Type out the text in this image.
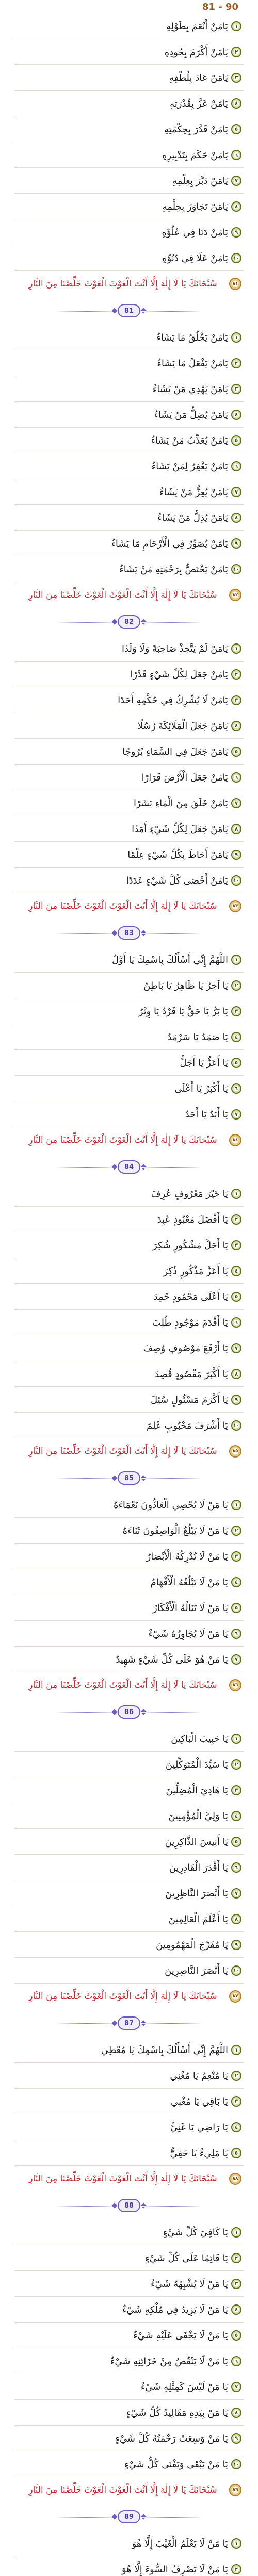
81 - 90
١
يَامَنْ أَنْعَمَ بِطَوْلِهِ
٢
يَامَنْ أَكْرَمَ بِجُودِهِ
٣
يَامَنْ عَادَ بِلُطْفِهِ
٤
يَامَنْ عَزَّ بِقُدْرَتِهِ
٥
يَامَنْ قَدَّرَ بِحِكْمَتِهِ
٦
يَامَنْ حَكَمَ بِتَدْبِيرِهِ
٧
يَامَنْ دَبَّرَ بِعِلْمِهِ
٨
يَامَنْ تَجَاوَزَ بِحِلْمِهِ
٩
يَامَنْ دَنَا فِي عُلُوِّهِ
١٠
يَامَنْ عَلَا فِي دُنُوِّهِ
٨١
سُبْحَانَكَ يَا لَا إِلٰهَ إِلَّا أَنْتَ الْغَوْثَ الْغَوْثَ خَلِّصْنَا مِنَ النَّارِ
81
١
يَامَنْ يَخْلُقُ مَا يَشَاءُ
٢
يَامَنْ يَفْعَلُ مَا يَشَاءُ
٣
يَامَنْ يَهْدِي مَنْ يَشَاءُ
٤
يَامَنْ يُضِلُّ مَنْ يَشَاءُ
٥
يَامَنْ يُعَذِّبُ مَنْ يَشَاءُ
٦
يَامَنْ يَغْفِرُ لِمَنْ يَشَاءُ
٧
يَامَنْ يُعِزُّ مَنْ يَشَاءُ
٨
يَامَنْ يُذِلُّ مَنْ يَشَاءُ
٩
يَامَنْ يُصَوِّرُ فِي الْأَرْحَامِ مَا يَشَاءُ
١٠
يَامَنْ يَخْتَصُّ بِرَحْمَتِهِ مَنْ يَشَاءُ
٨٢
سُبْحَانَكَ يَا لَا إِلٰهَ إِلَّا أَنْتَ الْغَوْثَ الْغَوْثَ خَلِّصْنَا مِنَ النَّارِ
82
١
يَامَنْ لَمْ يَتَّخِذْ صَاحِبَةً وَلَا وَلَدًا
٢
يَامَنْ جَعَلَ لِكُلِّ شَيْءٍ قَدْرًا
٣
يَامَنْ لَا يُشْرِكُ فِي حُكْمِهِ أَحَدًا
٤
يَامَنْ جَعَلَ الْمَلَائِكَةَ رُسُلًا
٥
يَامَنْ جَعَلَ فِي السَّمَاءِ بُرُوجًا
٦
يَامَنْ جَعَلَ الْأَرْضَ قَرَارًا
٧
يَامَنْ خَلَقَ مِنَ الْمَاءِ بَشَرًا
٨
يَامَنْ جَعَلَ لِكُلِّ شَيْءٍ أَمَدًا
٩
يَامَنْ أَحَاطَ بِكُلِّ شَيْءٍ عِلْمًا
١٠
يَامَنْ أَحْصَى كُلَّ شَيْءٍ عَدَدًا
٨٣
سُبْحَانَكَ يَا لَا إِلٰهَ إِلَّا أَنْتَ الْغَوْثَ الْغَوْثَ خَلِّصْنَا مِنَ النَّارِ
83
١
اللَّهُمَّ إِنِّي أَسْأَلُكَ بِاسْمِكَ يَا أَوَّلُ
٢
يَا آخِرُ يَا ظَاهِرُ يَا بَاطِنُ
٣
يَا بَرُّ يَا حَقُّ يَا فَرْدُ يَا وِتْرُ
٤
يَا صَمَدُ يَا سَرْمَدُ
٥
يَا أَعَزُّ يَا أَجَلُّ
٦
يَا أَكْبَرُ يَا أَعْلَى
٧
يَا أَبَدُ يَا أَحَدُ
٨٤
سُبْحَانَكَ يَا لَا إِلٰهَ إِلَّا أَنْتَ الْغَوْثَ الْغَوْثَ خَلِّصْنَا مِنَ النَّارِ
84
١
يَا خَيْرَ مَعْرُوفٍ عُرِفَ
٢
يَا أَفْضَلَ مَعْبُودٍ عُبِدَ
٣
يَا أَجَلَّ مَشْكُورٍ شُكِرَ
٤
يَا أَعَزَّ مَذْكُورٍ ذُكِرَ
٥
يَا أَعْلَى مَحْمُودٍ حُمِدَ
٦
يَا أَقْدَمَ مَوْجُودٍ طُلِبَ
٧
يَا أَرْفَعَ مَوْصُوفٍ وُصِفَ
٨
يَا أَكْبَرَ مَقْصُودٍ قُصِدَ
٩
يَا أَكْرَمَ مَسْئُولٍ سُئِلَ
١٠
يَا أَشْرَفَ مَحْبُوبٍ عُلِمَ
٨٥
سُبْحَانَكَ يَا لَا إِلٰهَ إِلَّا أَنْتَ الْغَوْثَ الْغَوْثَ خَلِّصْنَا مِنَ النَّارِ
85
١
يَا مَنْ لَا يُحْصِي الْعَادُّونَ نَعْمَاءَهُ
٢
يَا مَنْ لَا يَبْلُغُ الْوَاصِفُونَ ثَنَاءَهُ
٣
يَا مَنْ لَا تُدْرِكُهُ الْأَبْصَارُ
٤
يَا مَنْ لَا تَبْلُغُهُ الْأَفْهَامُ
٥
يَا مَنْ لَا تَنَالُهُ الْأَفْكَارُ
٦
يَا مَنْ لَا يُجَاوِزُهُ شَيْءٌ
٧
يَا مَنْ هُوَ عَلَى كُلِّ شَيْءٍ شَهِيدٌ
٨٦
سُبْحَانَكَ يَا لَا إِلٰهَ إِلَّا أَنْتَ الْغَوْثَ الْغَوْثَ خَلِّصْنَا مِنَ النَّارِ
86
١
يَا حَبِيبَ الْبَاكِينَ
٢
يَا سَيِّدَ الْمُتَوَكِّلِينَ
٣
يَا هَادِيَ الْمُضِلِّينَ
٤
يَا وَلِيَّ الْمُؤْمِنِينَ
٥
يَا أَنِيسَ الذَّاكِرِينَ
٦
يَا أَقْدَرَ الْقَادِرِينَ
٧
يَا أَبْصَرَ النَّاظِرِينَ
٨
يَا أَعْلَمَ الْعَالِمِينَ
٩
يَا مُفَرِّجَ الْمَهْمُومِينَ
١٠
يَا أَنْصَرَ النَّاصِرِينَ
٨٧
سُبْحَانَكَ يَا لَا إِلٰهَ إِلَّا أَنْتَ الْغَوْثَ الْغَوْثَ خَلِّصْنَا مِنَ النَّارِ
87
١
اللَّهُمَّ إِنِّي أَسْأَلُكَ بِاسْمِكَ يَا مُعْطِي
٢
يَا مُنْعِمُ يَا مُغْنِي
٣
يَا بَاقِي يَا مُغْنِي
٤
يَا رَاضِي يَا غَنِيُّ
٥
يَا مَلِيءُ يَا حَفِيُّ
٨٨
سُبْحَانَكَ يَا لَا إِلٰهَ إِلَّا أَنْتَ الْغَوْثَ الْغَوْثَ خَلِّصْنَا مِنَ النَّارِ
88
١
يَا كَافِيَ كُلِّ شَيْءٍ
٢
يَا قَائِمًا عَلَى كُلِّ شَيْءٍ
٣
يَا مَنْ لَا يُشْبِهُهُ شَيْءٌ
٤
يَا مَنْ لَا يَزِيدُ فِي مُلْكِهِ شَيْءٌ
٥
يَا مَنْ لَا يَخْفَى عَلَيْهِ شَيْءٌ
٦
يَا مَنْ لَا يَنْقُصُ مِنْ خَزَائِنِهِ شَيْءٌ
٧
يَا مَنْ لَيْسَ كَمِثْلِهِ شَيْءٌ
٨
يَا مَنْ بِيَدِهِ مَقَالِيدُ كُلِّ شَيْءٍ
٩
يَا مَنْ وَسِعَتْ رَحْمَتُهُ كُلَّ شَيْءٍ
١٠
يَا مَنْ يَبْقَى وَيَفْنَى كُلُّ شَيْءٍ
٨٩
سُبْحَانَكَ يَا لَا إِلٰهَ إِلَّا أَنْتَ الْغَوْثَ الْغَوْثَ خَلِّصْنَا مِنَ النَّارِ
89
١
يَا مَنْ لَا يَعْلَمُ الْغَيْبَ إِلَّا هُوَ
٢
يَا مَنْ لَا يَصْرِفُ السُّوءَ إِلَّا هُوَ
